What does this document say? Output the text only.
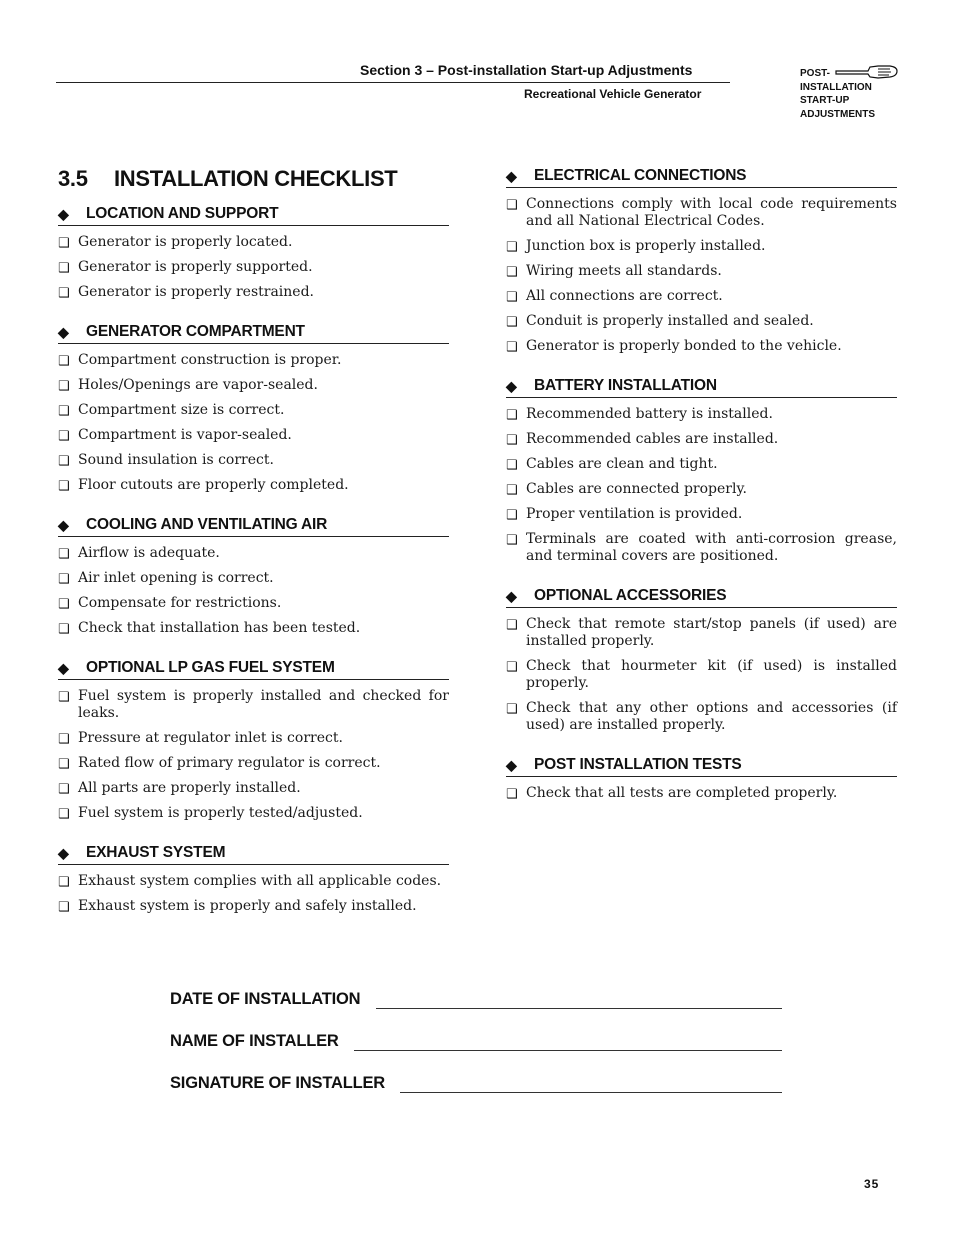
Section 3 – Post-installation Start-up Adjustments
Recreational Vehicle Generator
POST-
INSTALLATION
START-UP
ADJUSTMENTS
3.5 INSTALLATION CHECKLIST
◆ LOCATION AND SUPPORT
❑ Generator is properly located.
❑ Generator is properly supported.
❑ Generator is properly restrained.
◆ GENERATOR COMPARTMENT
❑ Compartment construction is proper.
❑ Holes/Openings are vapor-sealed.
❑ Compartment size is correct.
❑ Compartment is vapor-sealed.
❑ Sound insulation is correct.
❑ Floor cutouts are properly completed.
◆ COOLING AND VENTILATING AIR
❑ Airflow is adequate.
❑ Air inlet opening is correct.
❑ Compensate for restrictions.
❑ Check that installation has been tested.
◆ OPTIONAL LP GAS FUEL SYSTEM
❑ Fuel system is properly installed and checked for leaks.
❑ Pressure at regulator inlet is correct.
❑ Rated flow of primary regulator is correct.
❑ All parts are properly installed.
❑ Fuel system is properly tested/adjusted.
◆ EXHAUST SYSTEM
❑ Exhaust system complies with all applicable codes.
❑ Exhaust system is properly and safely installed.
◆ ELECTRICAL CONNECTIONS
❑ Connections comply with local code requirements and all National Electrical Codes.
❑ Junction box is properly installed.
❑ Wiring meets all standards.
❑ All connections are correct.
❑ Conduit is properly installed and sealed.
❑ Generator is properly bonded to the vehicle.
◆ BATTERY INSTALLATION
❑ Recommended battery is installed.
❑ Recommended cables are installed.
❑ Cables are clean and tight.
❑ Cables are connected properly.
❑ Proper ventilation is provided.
❑ Terminals are coated with anti-corrosion grease, and terminal covers are positioned.
◆ OPTIONAL ACCESSORIES
❑ Check that remote start/stop panels (if used) are installed properly.
❑ Check that hourmeter kit (if used) is installed properly.
❑ Check that any other options and accessories (if used) are installed properly.
◆ POST INSTALLATION TESTS
❑ Check that all tests are completed properly.
DATE OF INSTALLATION
NAME OF INSTALLER
SIGNATURE OF INSTALLER
35
